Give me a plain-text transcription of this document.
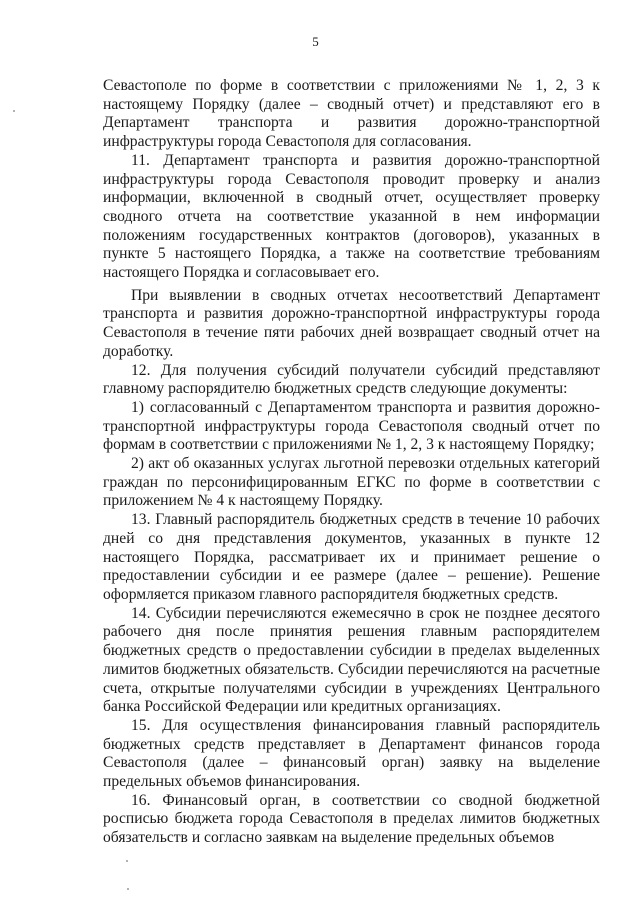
5

Севастополе по форме в соответствии с приложениями № 1, 2, 3 к настоящему Порядку (далее – сводный отчет) и представляют его в Департамент транспорта и развития дорожно-транспортной инфраструктуры города Севастополя для согласования.

11. Департамент транспорта и развития дорожно-транспортной инфраструктуры города Севастополя проводит проверку и анализ информации, включенной в сводный отчет, осуществляет проверку сводного отчета на соответствие указанной в нем информации положениям государственных контрактов (договоров), указанных в пункте 5 настоящего Порядка, а также на соответствие требованиям настоящего Порядка и согласовывает его.

При выявлении в сводных отчетах несоответствий Департамент транспорта и развития дорожно-транспортной инфраструктуры города Севастополя в течение пяти рабочих дней возвращает сводный отчет на доработку.

12. Для получения субсидий получатели субсидий представляют главному распорядителю бюджетных средств следующие документы:

1) согласованный с Департаментом транспорта и развития дорожно-транспортной инфраструктуры города Севастополя сводный отчет по формам в соответствии с приложениями № 1, 2, 3 к настоящему Порядку;

2) акт об оказанных услугах льготной перевозки отдельных категорий граждан по персонифицированным ЕГКС по форме в соответствии с приложением № 4 к настоящему Порядку.

13. Главный распорядитель бюджетных средств в течение 10 рабочих дней со дня представления документов, указанных в пункте 12 настоящего Порядка, рассматривает их и принимает решение о предоставлении субсидии и ее размере (далее – решение). Решение оформляется приказом главного распорядителя бюджетных средств.

14. Субсидии перечисляются ежемесячно в срок не позднее десятого рабочего дня после принятия решения главным распорядителем бюджетных средств о предоставлении субсидии в пределах выделенных лимитов бюджетных обязательств. Субсидии перечисляются на расчетные счета, открытые получателями субсидии в учреждениях Центрального банка Российской Федерации или кредитных организациях.

15. Для осуществления финансирования главный распорядитель бюджетных средств представляет в Департамент финансов города Севастополя (далее – финансовый орган) заявку на выделение предельных объемов финансирования.

16. Финансовый орган, в соответствии со сводной бюджетной росписью бюджета города Севастополя в пределах лимитов бюджетных обязательств и согласно заявкам на выделение предельных объемов
